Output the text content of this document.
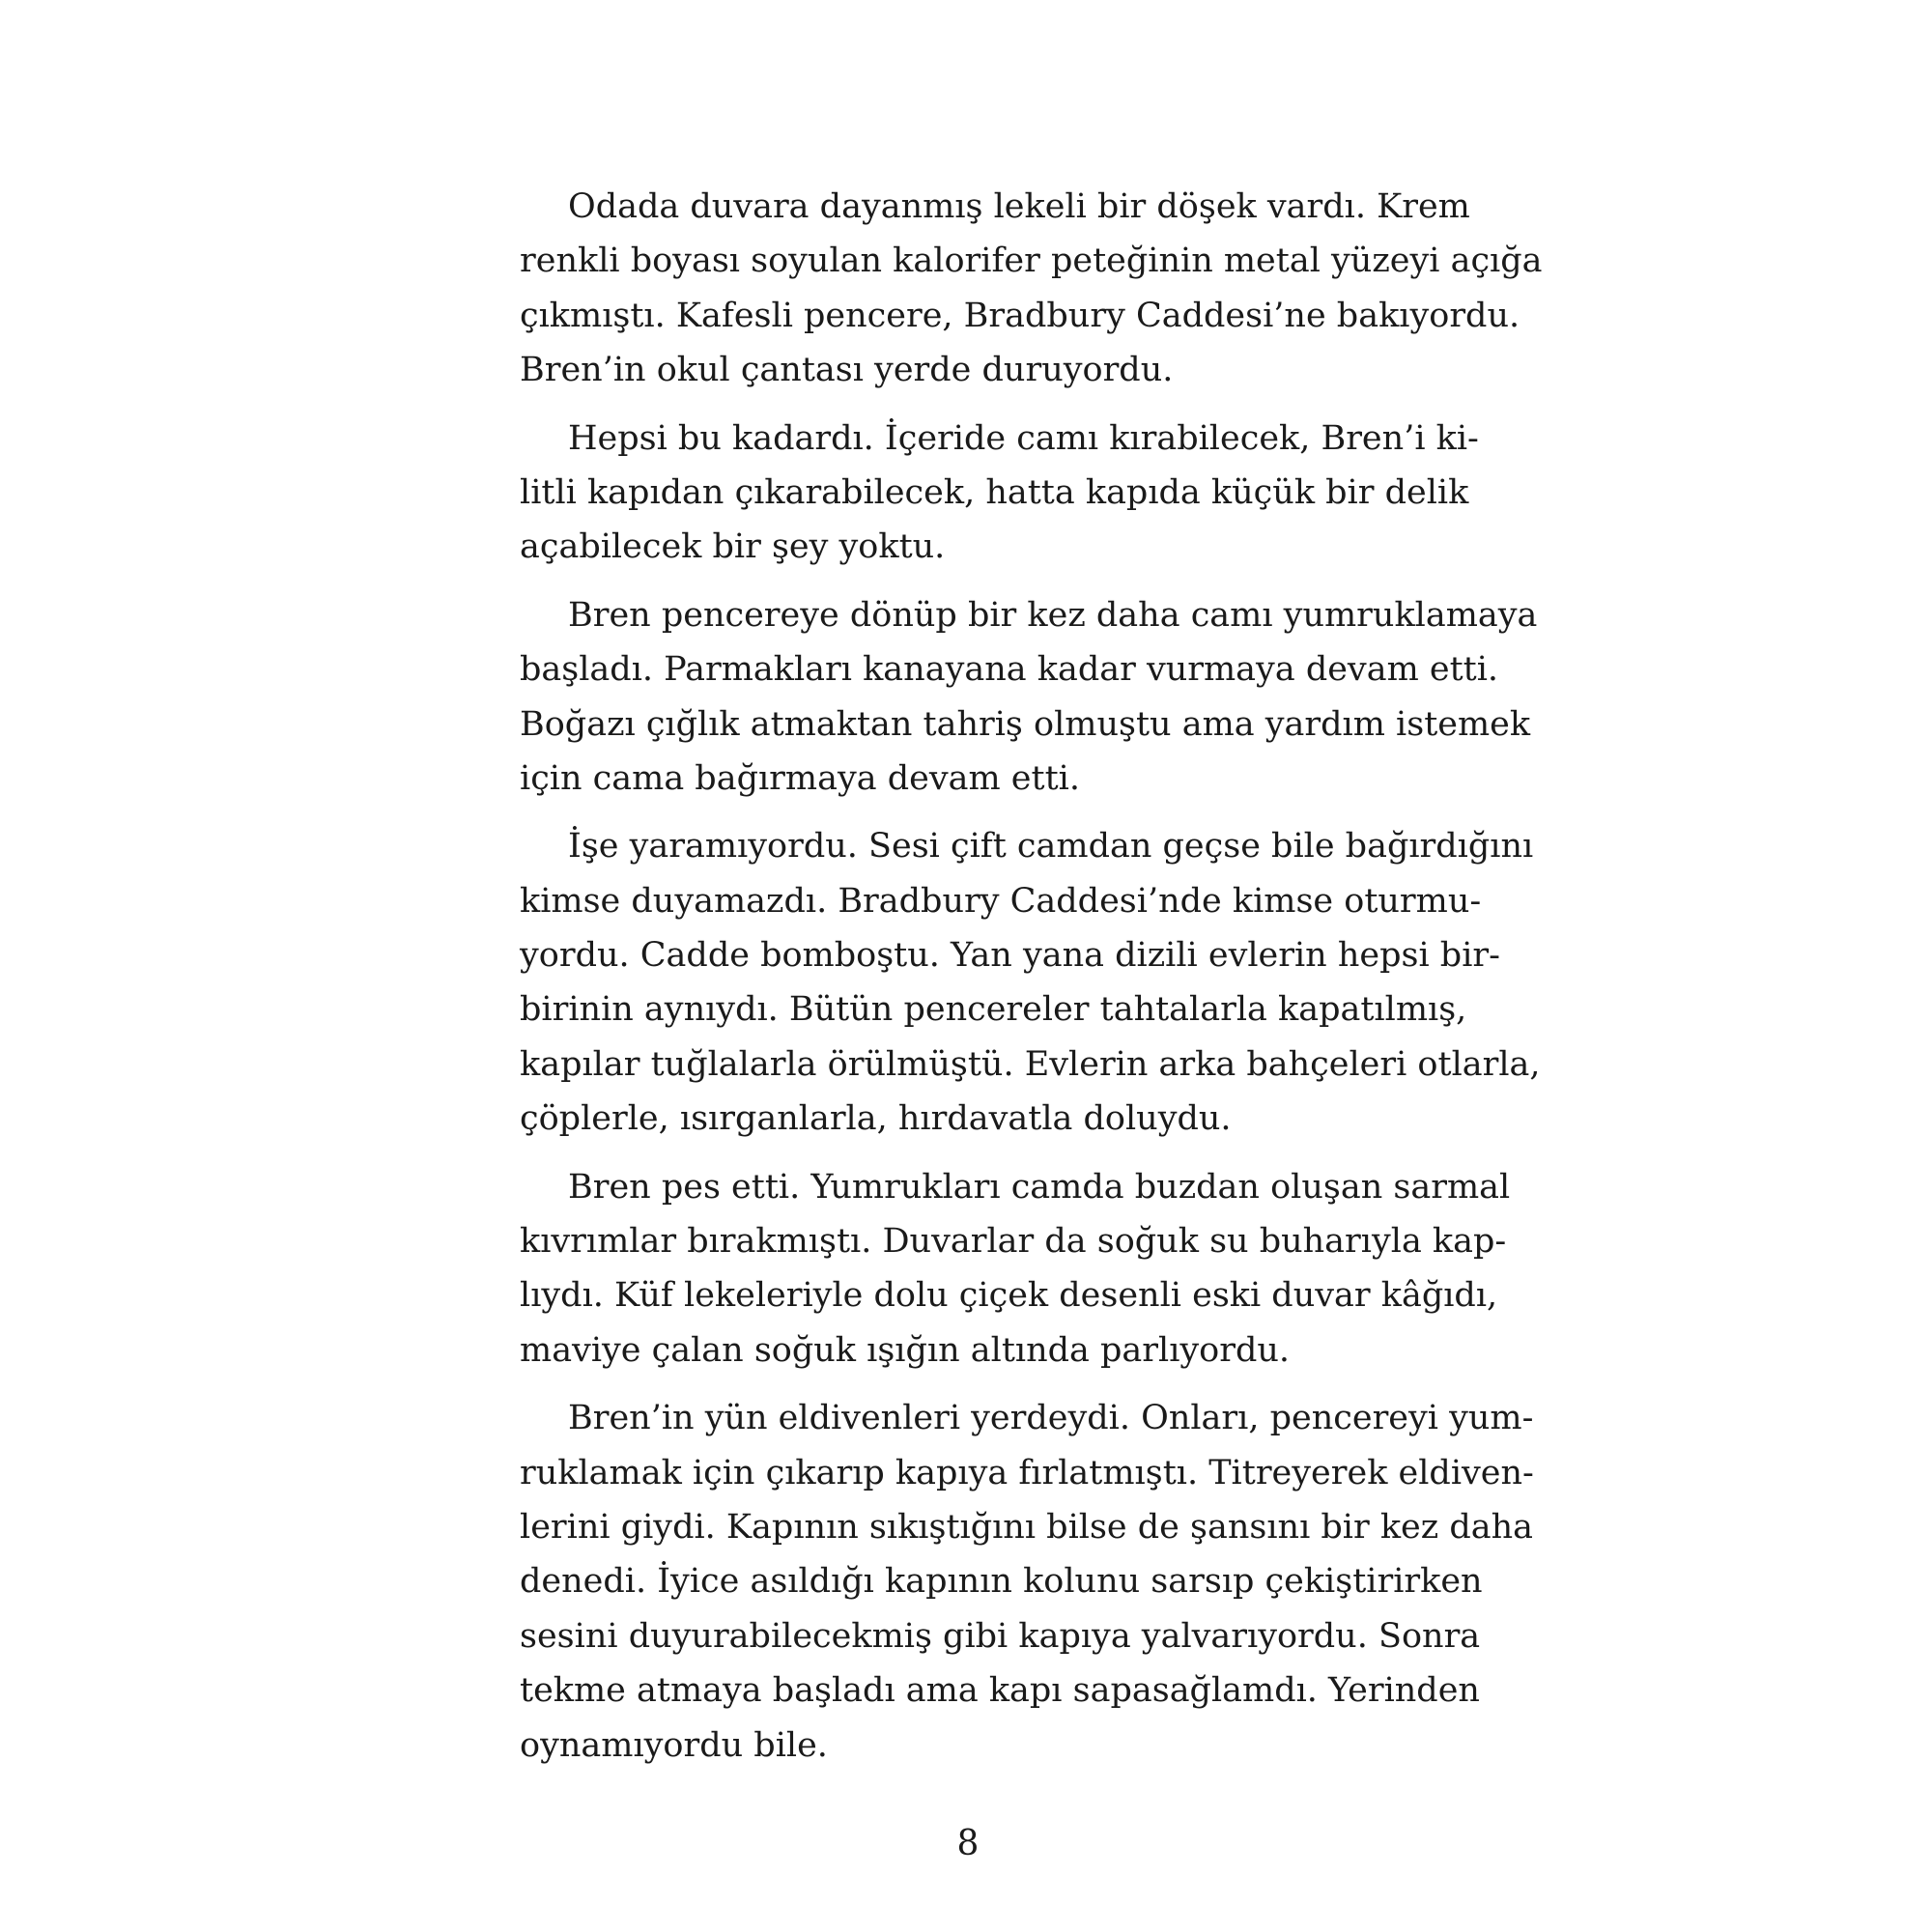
Odada duvara dayanmış lekeli bir döşek vardı. Krem
renkli boyası soyulan kalorifer peteğinin metal yüzeyi açığa
çıkmıştı. Kafesli pencere, Bradbury Caddesi’ne bakıyordu.
Bren’in okul çantası yerde duruyordu.

Hepsi bu kadardı. İçeride camı kırabilecek, Bren’i ki-
litli kapıdan çıkarabilecek, hatta kapıda küçük bir delik
açabilecek bir şey yoktu.

Bren pencereye dönüp bir kez daha camı yumruklamaya
başladı. Parmakları kanayana kadar vurmaya devam etti.
Boğazı çığlık atmaktan tahriş olmuştu ama yardım istemek
için cama bağırmaya devam etti.

İşe yaramıyordu. Sesi çift camdan geçse bile bağırdığını
kimse duyamazdı. Bradbury Caddesi’nde kimse oturmu-
yordu. Cadde bomboştu. Yan yana dizili evlerin hepsi bir-
birinin aynıydı. Bütün pencereler tahtalarla kapatılmış,
kapılar tuğlalarla örülmüştü. Evlerin arka bahçeleri otlarla,
çöplerle, ısırganlarla, hırdavatla doluydu.

Bren pes etti. Yumrukları camda buzdan oluşan sarmal
kıvrımlar bırakmıştı. Duvarlar da soğuk su buharıyla kap-
lıydı. Küf lekeleriyle dolu çiçek desenli eski duvar kâğıdı,
maviye çalan soğuk ışığın altında parlıyordu.

Bren’in yün eldivenleri yerdeydi. Onları, pencereyi yum-
ruklamak için çıkarıp kapıya fırlatmıştı. Titreyerek eldiven-
lerini giydi. Kapının sıkıştığını bilse de şansını bir kez daha
denedi. İyice asıldığı kapının kolunu sarsıp çekiştirirken
sesini duyurabilecekmiş gibi kapıya yalvarıyordu. Sonra
tekme atmaya başladı ama kapı sapasağlamdı. Yerinden
oynamıyordu bile.

8
